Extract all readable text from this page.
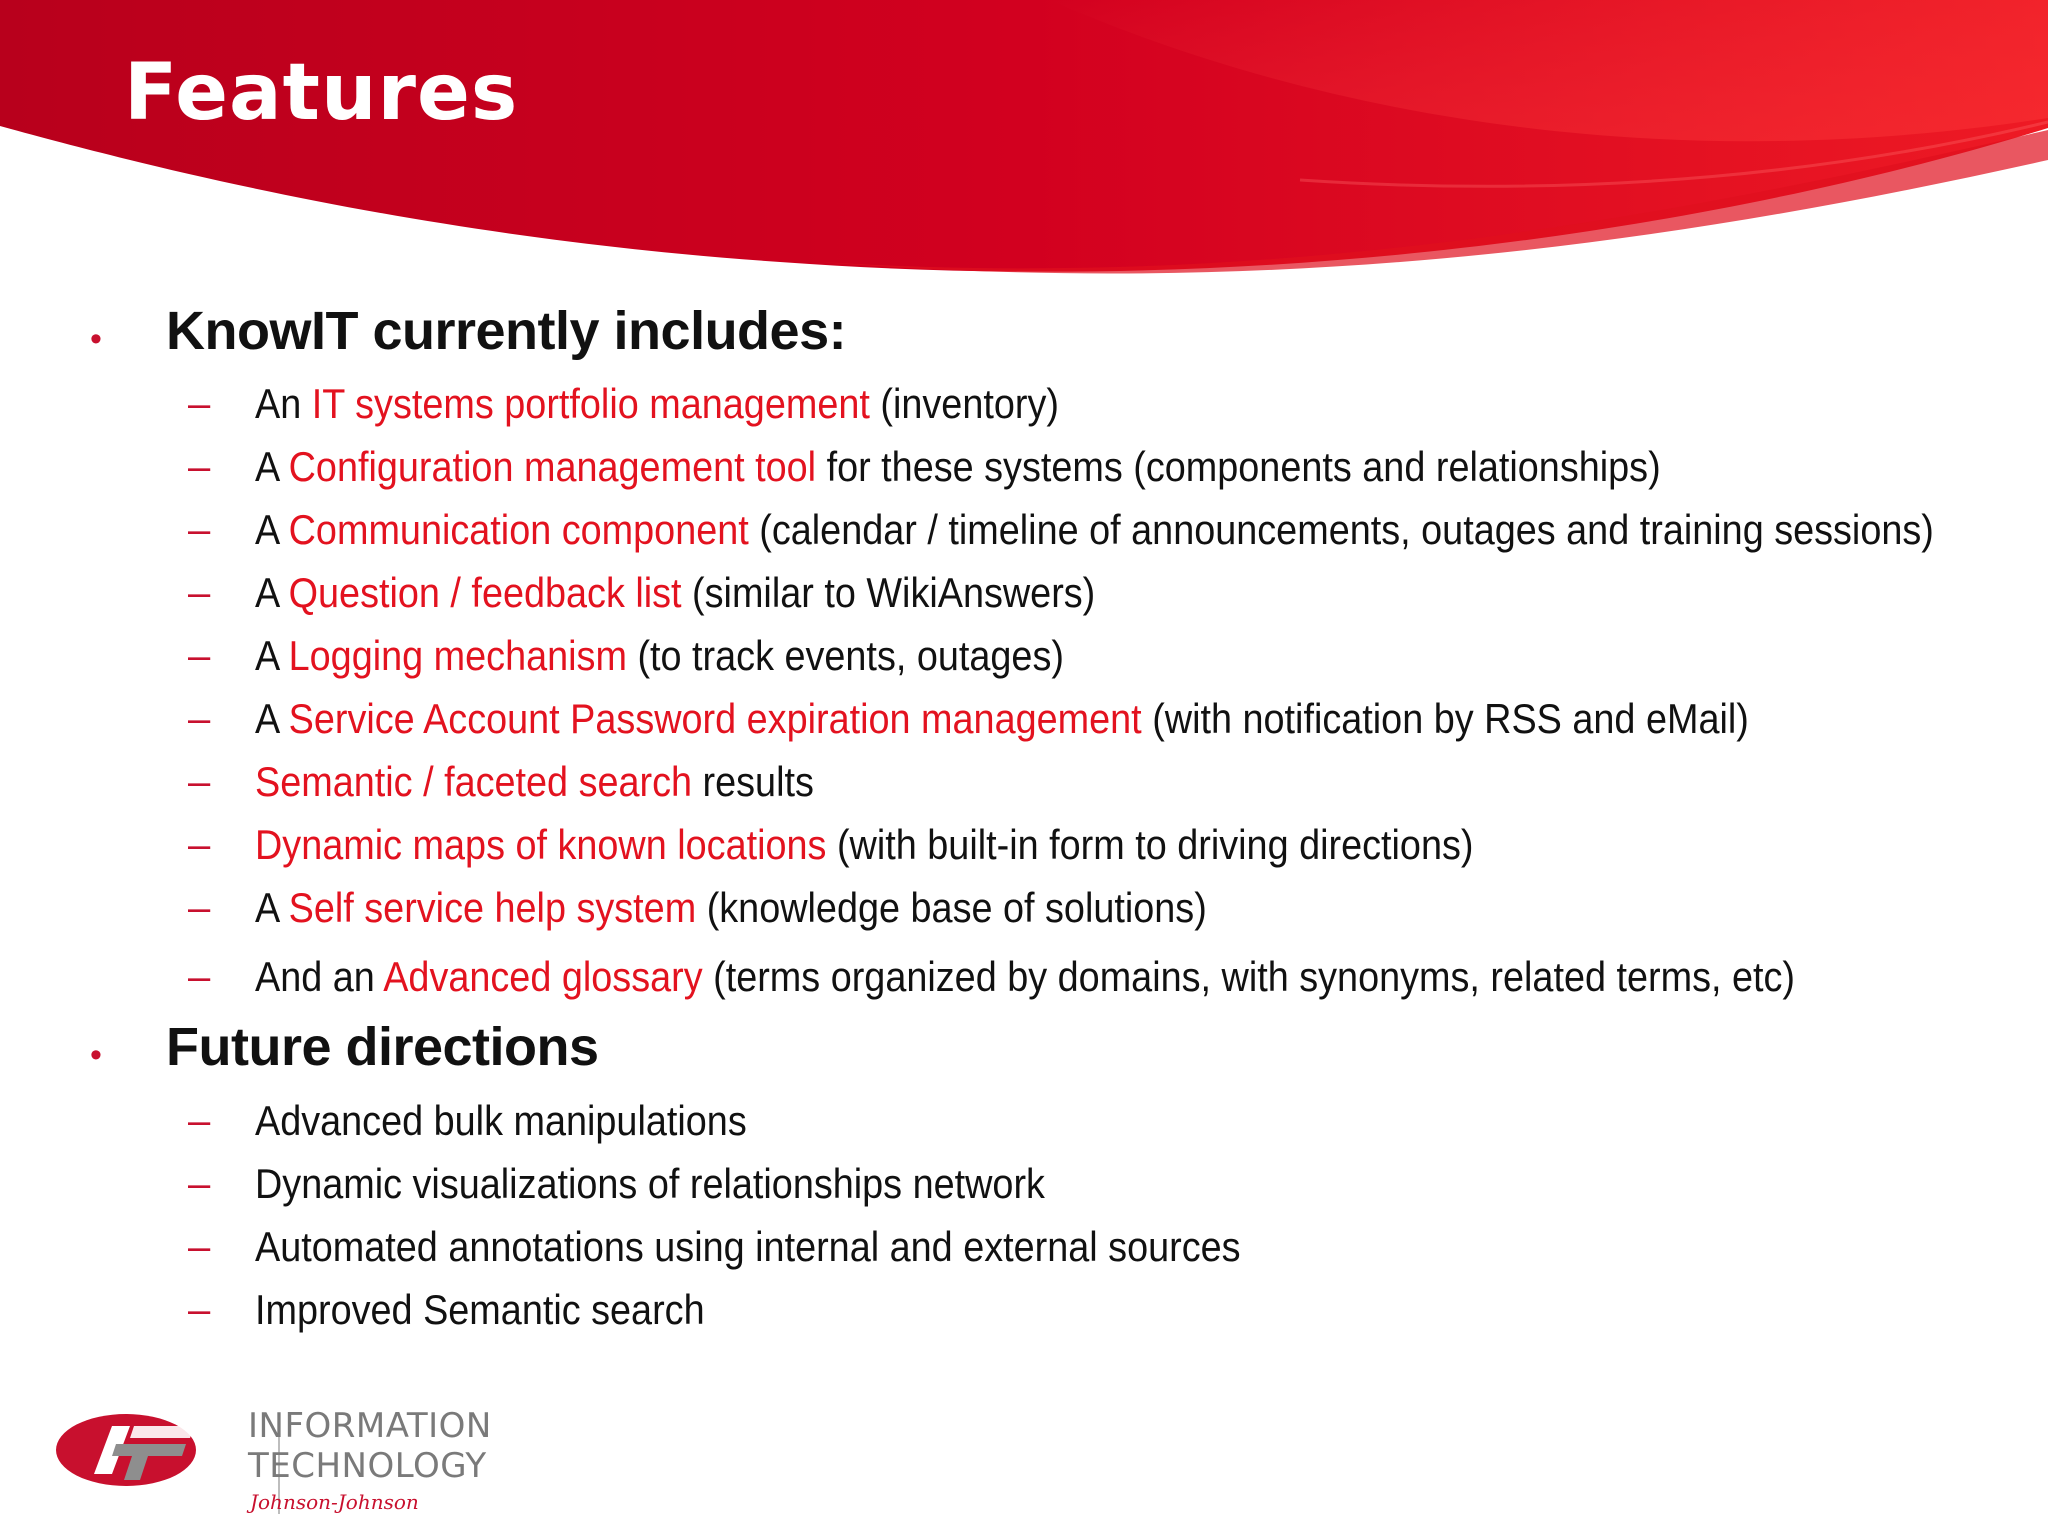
Features
• KnowIT currently includes:
– An IT systems portfolio management (inventory)
– A Configuration management tool for these systems (components and relationships)
– A Communication component (calendar / timeline of announcements, outages and training sessions)
– A Question / feedback list (similar to WikiAnswers)
– A Logging mechanism (to track events, outages)
– A Service Account Password expiration management (with notification by RSS and eMail)
– Semantic / faceted search results
– Dynamic maps of known locations (with built-in form to driving directions)
– A Self service help system (knowledge base of solutions)
– And an Advanced glossary (terms organized by domains, with synonyms, related terms, etc)
• Future directions
– Advanced bulk manipulations
– Dynamic visualizations of relationships network
– Automated annotations using internal and external sources
– Improved Semantic search
INFORMATION
TECHNOLOGY
Johnson-Johnson
